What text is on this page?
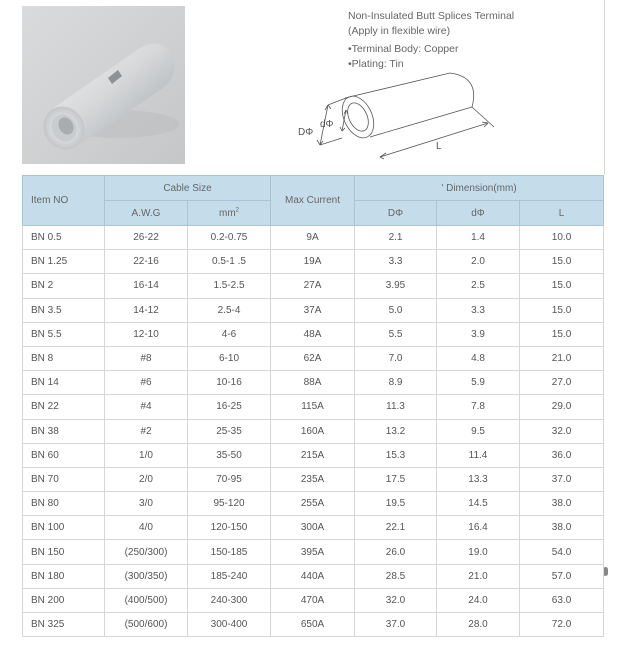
Non-Insulated Butt Splices Terminal
(Apply in flexible wire)
•Terminal Body: Copper
•Plating: Tin
DΦ
dΦ
L
Item NO	Cable Size		Max Current	' Dimension(mm)		
	A.W.G	$mm^2$		DΦ	dΦ	L
BN 0.5	26-22	0.2-0.75	9A	2.1	1.4	10.0
BN 1.25	22-16	0.5-1 .5	19A	3.3	2.0	15.0
BN 2	16-14	1.5-2.5	27A	3.95	2.5	15.0
BN 3.5	14-12	2.5-4	37A	5.0	3.3	15.0
BN 5.5	12-10	4-6	48A	5.5	3.9	15.0
BN 8	#8	6-10	62A	7.0	4.8	21.0
BN 14	#6	10-16	88A	8.9	5.9	27.0
BN 22	#4	16-25	115A	11.3	7.8	29.0
BN 38	#2	25-35	160A	13.2	9.5	32.0
BN 60	1/0	35-50	215A	15.3	11.4	36.0
BN 70	2/0	70-95	235A	17.5	13.3	37.0
BN 80	3/0	95-120	255A	19.5	14.5	38.0
BN 100	4/0	120-150	300A	22.1	16.4	38.0
BN 150	(250/300)	150-185	395A	26.0	19.0	54.0
BN 180	(300/350)	185-240	440A	28.5	21.0	57.0
BN 200	(400/500)	240-300	470A	32.0	24.0	63.0
BN 325	(500/600)	300-400	650A	37.0	28.0	72.0
